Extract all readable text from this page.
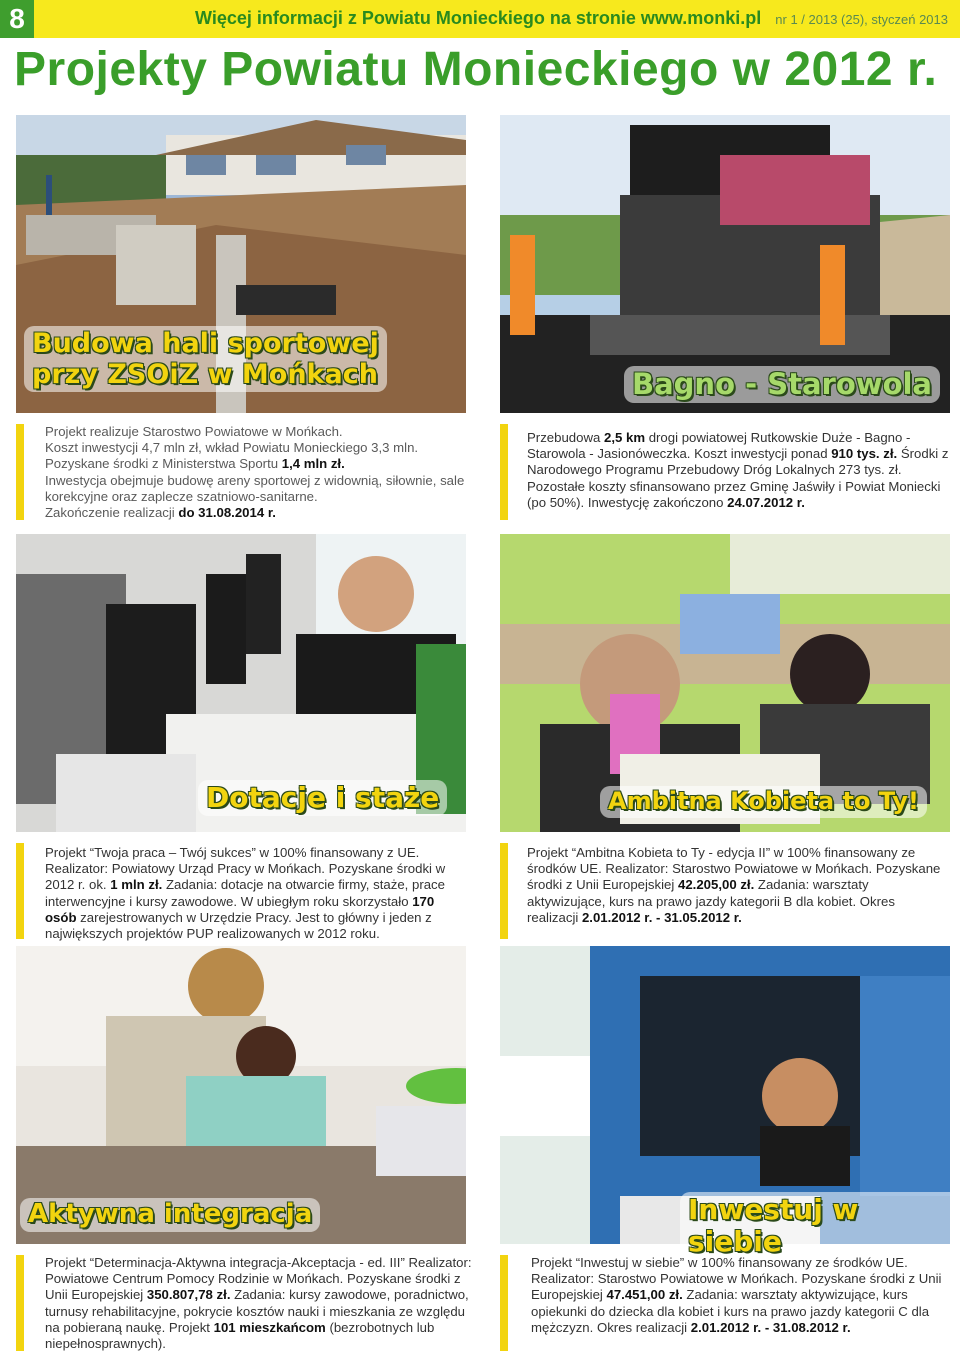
8	Więcej informacji z Powiatu Monieckiego na stronie www.monki.pl nr 1 / 2013 (25), styczeń 2013
Projekty Powiatu Monieckiego w 2012 r.
Budowa hali sportowej
przy ZSOiZ w Mońkach	Bagno - Starowola

Projekt realizuje Starostwo Powiatowe w Mońkach.

Koszt inwestycji 4,7 mln zł, wkład Powiatu Monieckiego 3,3 mln.

Pozyskane środki z Ministerstwa Sportu 1,4 mln zł.

Inwestycja obejmuje budowę areny sportowej z widownią, siłownie, sale korekcyjne oraz zaplecze szatniowo-sanitarne.

Zakończenie realizacji do 31.08.2014 r.

Przebudowa 2,5 km drogi powiatowej Rutkowskie Duże - Bagno - Starowola - Jasionóweczka. Koszt inwestycji ponad 910 tys. zł. Środki z Narodowego Programu Przebudowy Dróg Lokalnych 273 tys. zł. Pozostałe koszty sfinansowano przez Gminę Jaświły i Powiat Moniecki (po 50%). Inwestycję zakończono 24.07.2012 r.
Dotacje i staże	Ambitna Kobieta to Ty!
Projekt “Twoja praca – Twój sukces” w 100% finansowany z UE. Realizator: Powiatowy Urząd Pracy w Mońkach. Pozyskane środki w 2012 r. ok. 1 mln zł. Zadania: dotacje na otwarcie firmy, staże, prace interwencyjne i kursy zawodowe. W ubiegłym roku skorzystało 170 osób zarejestrowanych w Urzędzie Pracy. Jest to główny i jeden z największych projektów PUP realizowanych w 2012 roku.
Projekt “Ambitna Kobieta to Ty - edycja II” w 100% finansowany ze środków UE. Realizator: Starostwo Powiatowe w Mońkach. Pozyskane środki z Unii Europejskiej 42.205,00 zł. Zadania: warsztaty aktywizujące, kurs na prawo jazdy kategorii B dla kobiet. Okres realizacji 2.01.2012 r. - 31.05.2012 r.
Aktywna integracja	Inwestuj w siebie
Projekt “Determinacja-Aktywna integracja-Akceptacja - ed. III” Realizator: Powiatowe Centrum Pomocy Rodzinie w Mońkach. Pozyskane środki z Unii Europejskiej 350.807,78 zł. Zadania: kursy zawodowe, poradnictwo, turnusy rehabilitacyjne, pokrycie kosztów nauki i mieszkania ze względu na pobieraną naukę. Projekt 101 mieszkańcom (bezrobotnych lub niepełnosprawnych).
Projekt “Inwestuj w siebie” w 100% finansowany ze środków UE. Realizator: Starostwo Powiatowe w Mońkach. Pozyskane środki z Unii Europejskiej 47.451,00 zł. Zadania: warsztaty aktywizujące, kurs opiekunki do dziecka dla kobiet i kurs na prawo jazdy kategorii C dla mężczyzn. Okres realizacji 2.01.2012 r. - 31.08.2012 r.
